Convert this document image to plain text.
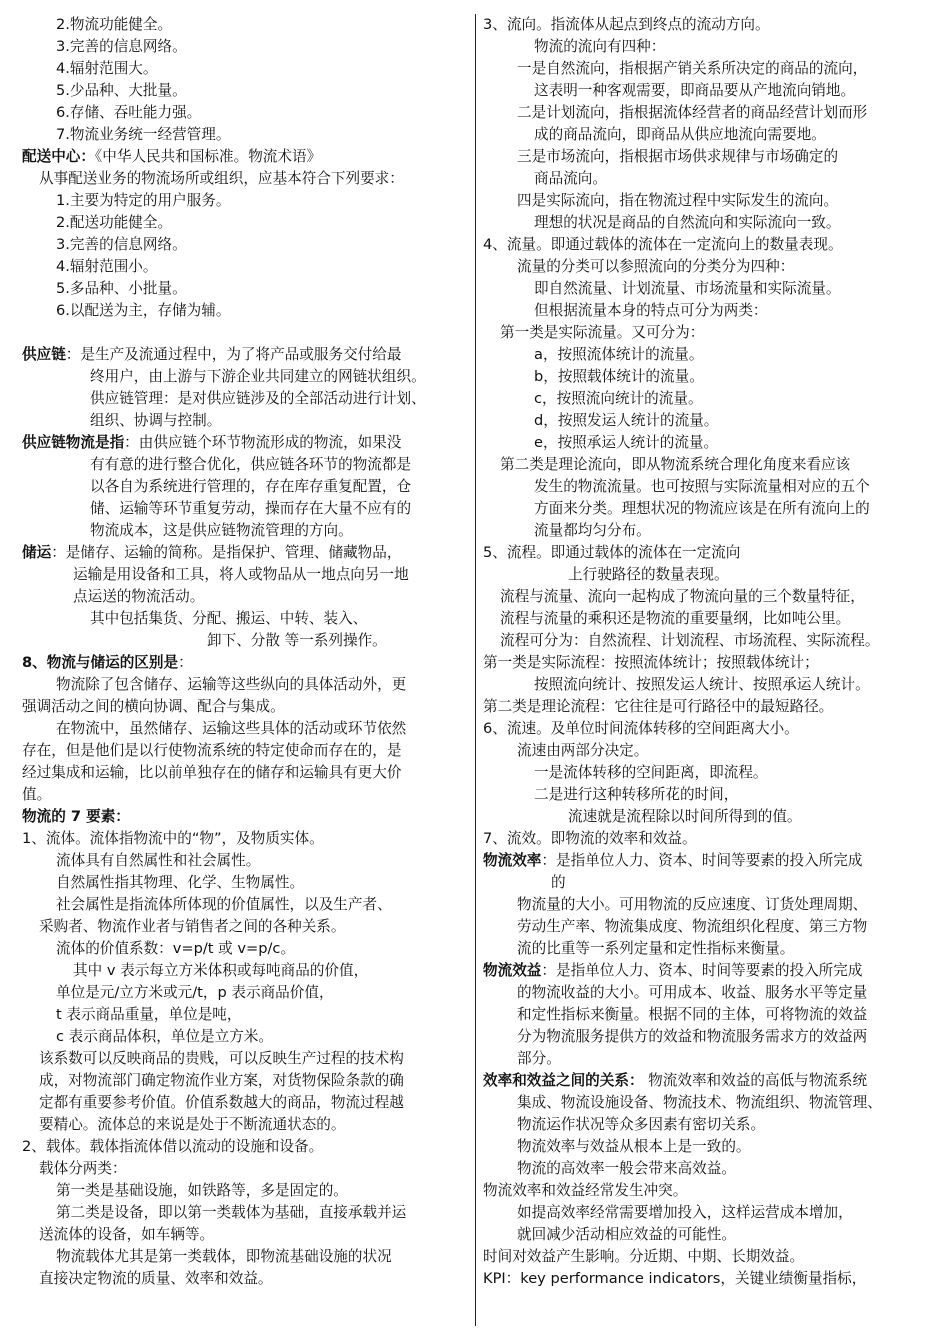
2.物流功能健全。
3.完善的信息网络。
4.辐射范围大。
5.少品种、大批量。
6.存储、吞吐能力强。
7.物流业务统一经营管理。
配送中心：《中华人民共和国标准。物流术语》
从事配送业务的物流场所或组织，应基本符合下列要求：
1.主要为特定的用户服务。
2.配送功能健全。
3.完善的信息网络。
4.辐射范围小。
5.多品种、小批量。
6.以配送为主，存储为辅。
供应链：是生产及流通过程中，为了将产品或服务交付给最
终用户，由上游与下游企业共同建立的网链状组织。
供应链管理：是对供应链涉及的全部活动进行计划、
组织、协调与控制。
供应链物流是指：由供应链个环节物流形成的物流，如果没
有有意的进行整合优化，供应链各环节的物流都是
以各自为系统进行管理的，存在库存重复配置，仓
储、运输等环节重复劳动，操而存在大量不应有的
物流成本，这是供应链物流管理的方向。
储运：是储存、运输的简称。是指保护、管理、储藏物品，
运输是用设备和工具，将人或物品从一地点向另一地
点运送的物流活动。
其中包括集货、分配、搬运、中转、装入、
卸下、分散 等一系列操作。
8、物流与储运的区别是：
物流除了包含储存、运输等这些纵向的具体活动外，更
强调活动之间的横向协调、配合与集成。
在物流中，虽然储存、运输这些具体的活动或环节依然
存在，但是他们是以行使物流系统的特定使命而存在的，是
经过集成和运输，比以前单独存在的储存和运输具有更大价
值。
物流的 7 要素：
1、流体。流体指物流中的“物”，及物质实体。
流体具有自然属性和社会属性。
自然属性指其物理、化学、生物属性。
社会属性是指流体所体现的价值属性，以及生产者、
采购者、物流作业者与销售者之间的各种关系。
流体的价值系数：v=p/t 或 v=p/c。
其中 v 表示每立方米体积或每吨商品的价值，
单位是元/立方米或元/t，p 表示商品价值，
t 表示商品重量，单位是吨，
c 表示商品体积，单位是立方米。
该系数可以反映商品的贵贱，可以反映生产过程的技术构
成，对物流部门确定物流作业方案，对货物保险条款的确
定都有重要参考价值。价值系数越大的商品，物流过程越
要精心。流体总的来说是处于不断流通状态的。
2、载体。载体指流体借以流动的设施和设备。
载体分两类：
第一类是基础设施，如铁路等，多是固定的。
第二类是设备，即以第一类载体为基础，直接承载并运
送流体的设备，如车辆等。
物流载体尤其是第一类载体，即物流基础设施的状况
直接决定物流的质量、效率和效益。
3、流向。指流体从起点到终点的流动方向。
物流的流向有四种：
一是自然流向，指根据产销关系所决定的商品的流向，
这表明一种客观需要，即商品要从产地流向销地。
二是计划流向，指根据流体经营者的商品经营计划而形
成的商品流向，即商品从供应地流向需要地。
三是市场流向，指根据市场供求规律与市场确定的
商品流向。
四是实际流向，指在物流过程中实际发生的流向。
理想的状况是商品的自然流向和实际流向一致。
4、流量。即通过载体的流体在一定流向上的数量表现。
流量的分类可以参照流向的分类分为四种：
即自然流量、计划流量、市场流量和实际流量。
但根据流量本身的特点可分为两类：
第一类是实际流量。又可分为：
a，按照流体统计的流量。
b，按照载体统计的流量。
c，按照流向统计的流量。
d，按照发运人统计的流量。
e，按照承运人统计的流量。
第二类是理论流向，即从物流系统合理化角度来看应该
发生的物流流量。也可按照与实际流量相对应的五个
方面来分类。理想状况的物流应该是在所有流向上的
流量都均匀分布。
5、流程。即通过载体的流体在一定流向
上行驶路径的数量表现。
流程与流量、流向一起构成了物流向量的三个数量特征，
流程与流量的乘积还是物流的重要量纲，比如吨公里。
流程可分为：自然流程、计划流程、市场流程、实际流程。
第一类是实际流程：按照流体统计；按照载体统计；
按照流向统计、按照发运人统计、按照承运人统计。
第二类是理论流程：它往往是可行路径中的最短路径。
6、流速。及单位时间流体转移的空间距离大小。
流速由两部分决定。
一是流体转移的空间距离，即流程。
二是进行这种转移所花的时间，
流速就是流程除以时间所得到的值。
7、流效。即物流的效率和效益。
物流效率：是指单位人力、资本、时间等要素的投入所完成
的
物流量的大小。可用物流的反应速度、订货处理周期、
劳动生产率、物流集成度、物流组织化程度、第三方物
流的比重等一系列定量和定性指标来衡量。
物流效益：是指单位人力、资本、时间等要素的投入所完成
的物流收益的大小。可用成本、收益、服务水平等定量
和定性指标来衡量。根据不同的主体，可将物流的效益
分为物流服务提供方的效益和物流服务需求方的效益两
部分。
效率和效益之间的关系： 物流效率和效益的高低与物流系统
集成、物流设施设备、物流技术、物流组织、物流管理、
物流运作状况等众多因素有密切关系。
物流效率与效益从根本上是一致的。
物流的高效率一般会带来高效益。
物流效率和效益经常发生冲突。
如提高效率经常需要增加投入，这样运营成本增加，
就回减少活动相应效益的可能性。
时间对效益产生影响。分近期、中期、长期效益。
KPI：key performance indicators，关键业绩衡量指标，
